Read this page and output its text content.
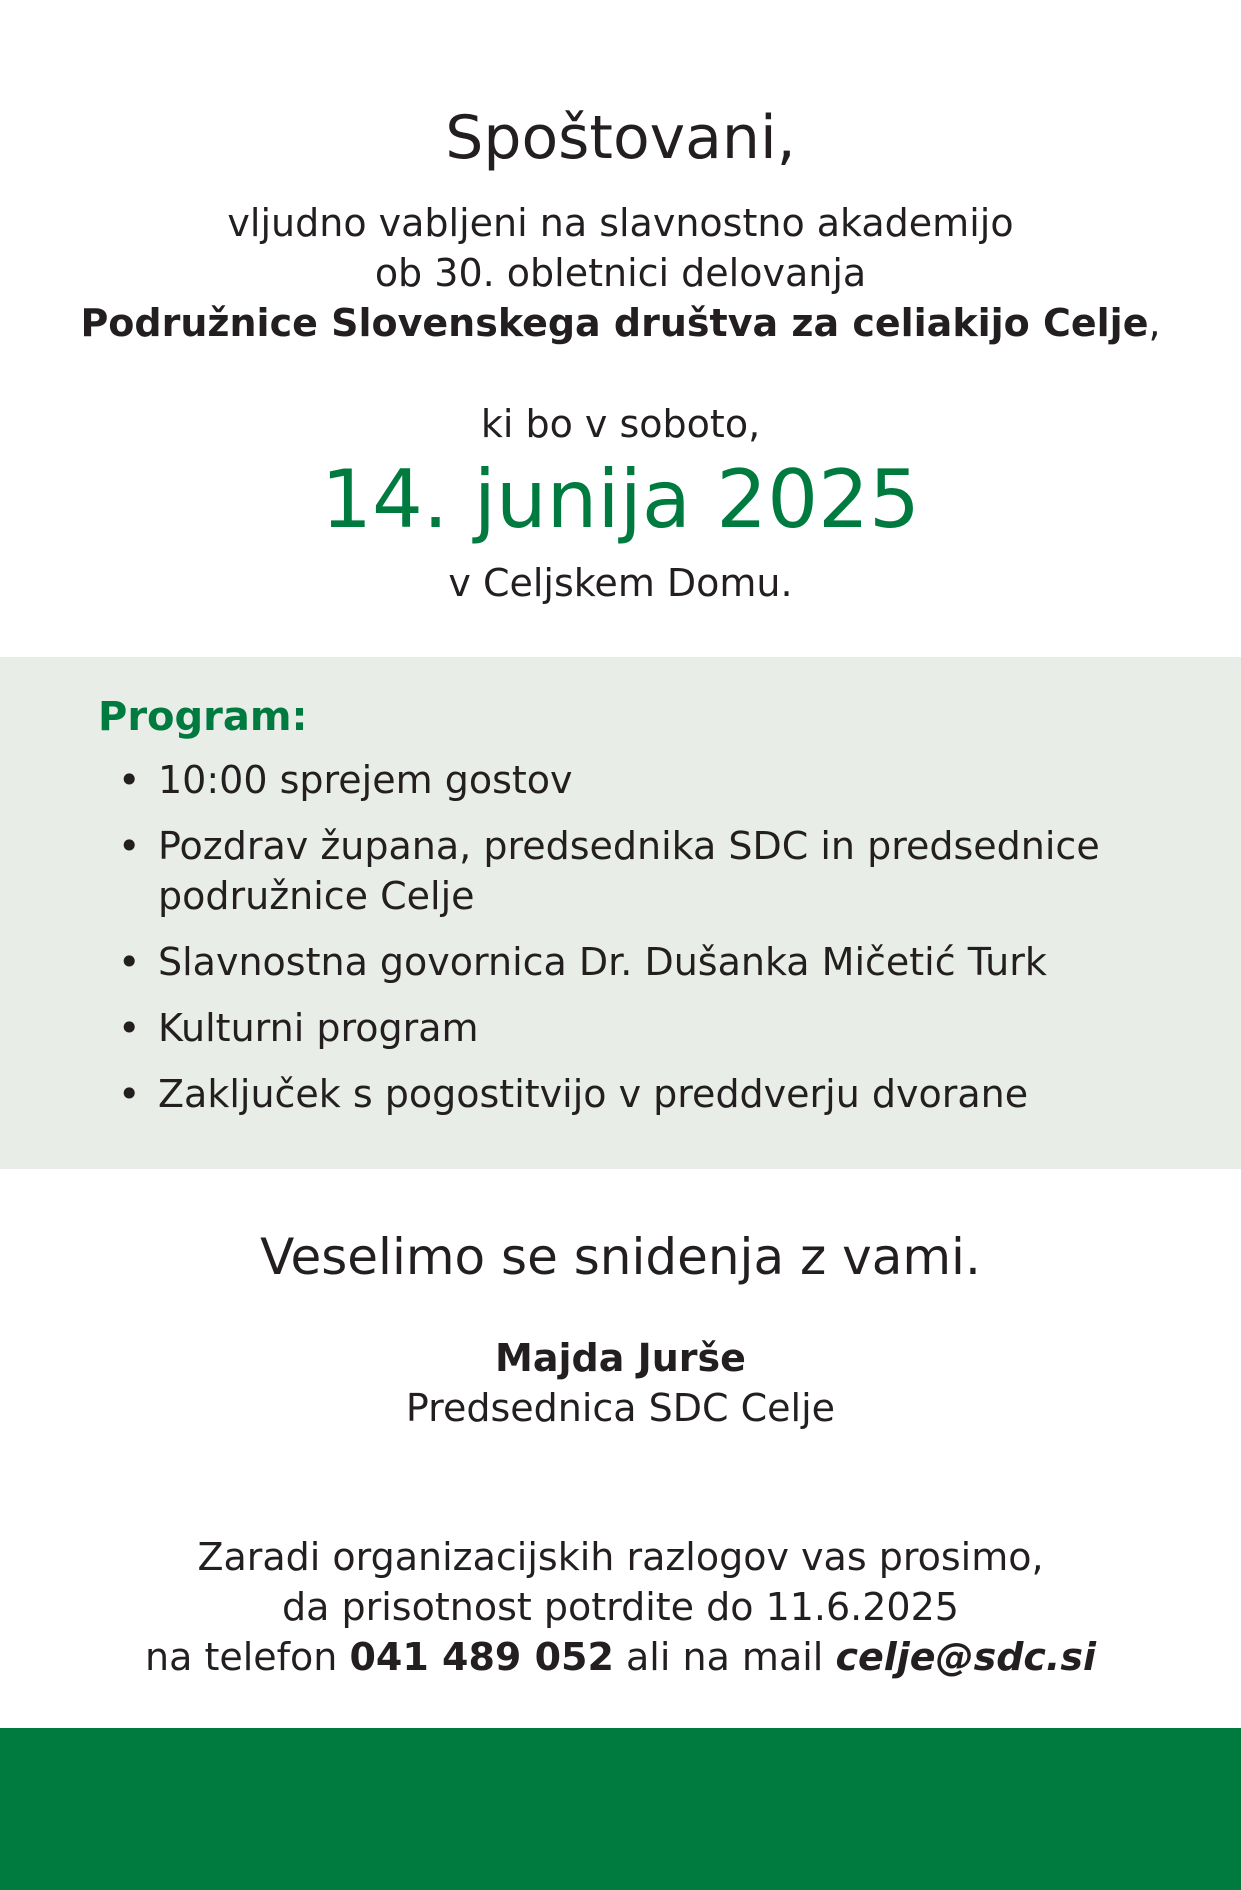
Spoštovani,
vljudno vabljeni na slavnostno akademijo
ob 30. obletnici delovanja
Podružnice Slovenskega društva za celiakijo Celje,
ki bo v soboto,
14. junija 2025
v Celjskem Domu.
Program:
• 10:00 sprejem gostov
• Pozdrav župana, predsednika SDC in predsednice podružnice Celje
• Slavnostna govornica Dr. Dušanka Mičetić Turk
• Kulturni program
• Zaključek s pogostitvijo v preddverju dvorane
Veselimo se snidenja z vami.
Majda Jurše
Predsednica SDC Celje
Zaradi organizacijskih razlogov vas prosimo,
da prisotnost potrdite do 11.6.2025
na telefon 041 489 052 ali na mail celje@sdc.si
